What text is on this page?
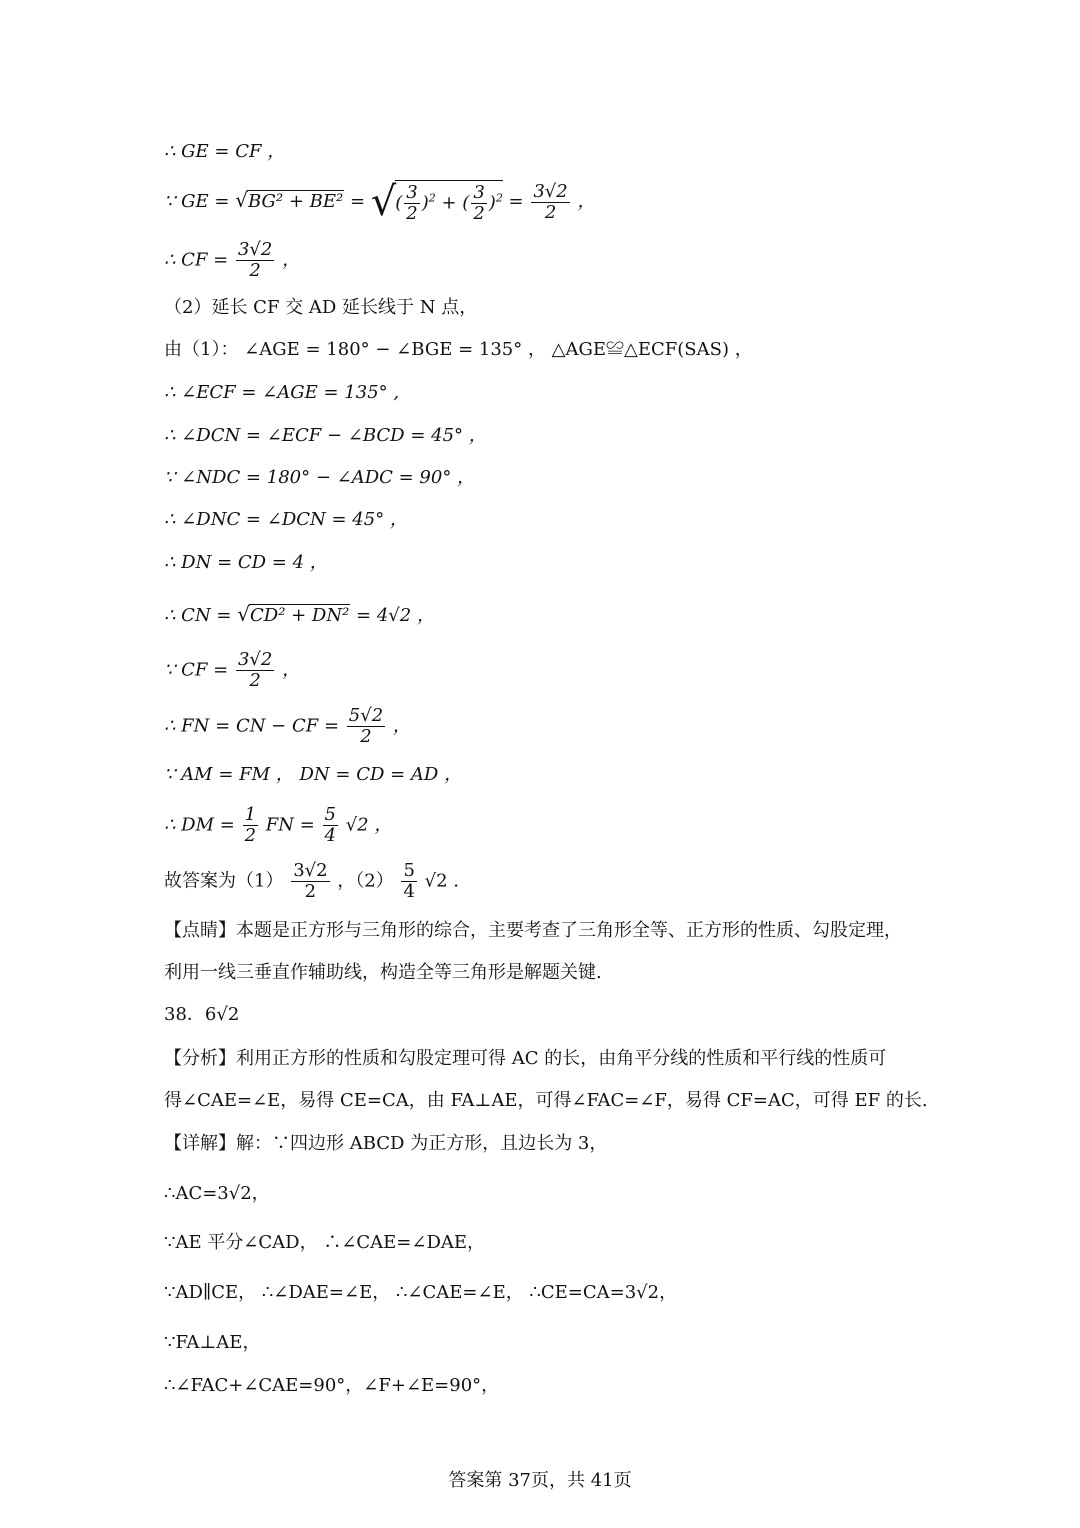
∴ GE = CF ，
∵ GE = √BG² + BE² = √( $\frac{3}{2} )^2$ + ( $\frac{3}{2} )^2 = \frac{3√2}{2}$ ，
∴ CF = $\frac{3√2}{2}$ ，
（2）延长 CF 交 AD 延长线于 N 点，
由（1）： ∠AGE = 180° − ∠BGE = 135° ， △AGE≌△ECF(SAS) ，
∴ ∠ECF = ∠AGE = 135° ,
∴ ∠DCN = ∠ECF − ∠BCD = 45° ，
∵ ∠NDC = 180° − ∠ADC = 90° ，
∴ ∠DNC = ∠DCN = 45° ，
∴ DN = CD = 4 ，
∴ CN = √CD² + DN² = 4√2 ，
∵ CF = $\frac{3√2}{2}$ ，
∴ FN = CN − CF = $\frac{5√2}{2}$ ，
∵ AM = FM ， DN = CD = AD ，
∴ DM = $\frac{1}{2}$ FN = $\frac{5}{4} √2$ ，
故答案为$(1) \frac{3√2}{2}$ ，$(2) \frac{5}{4} √2$ .
【点睛】本题是正方形与三角形的综合，主要考查了三角形全等、正方形的性质、勾股定理，
利用一线三垂直作辅助线，构造全等三角形是解题关键.
38．6√2
【分析】利用正方形的性质和勾股定理可得 AC 的长，由角平分线的性质和平行线的性质可
得∠CAE=∠E，易得 CE=CA，由 FA⊥AE，可得∠FAC=∠F，易得 CF=AC，可得 EF 的长.
【详解】解：∵四边形 ABCD 为正方形，且边长为 3，
∴AC=3√2，
∵AE 平分∠CAD， ∴∠CAE=∠DAE，
∵AD∥CE， ∴∠DAE=∠E， ∴∠CAE=∠E， ∴CE=CA=3√2，
∵FA⊥AE，
∴∠FAC+∠CAE=90°，∠F+∠E=90°，
答案第 37页，共 41页
